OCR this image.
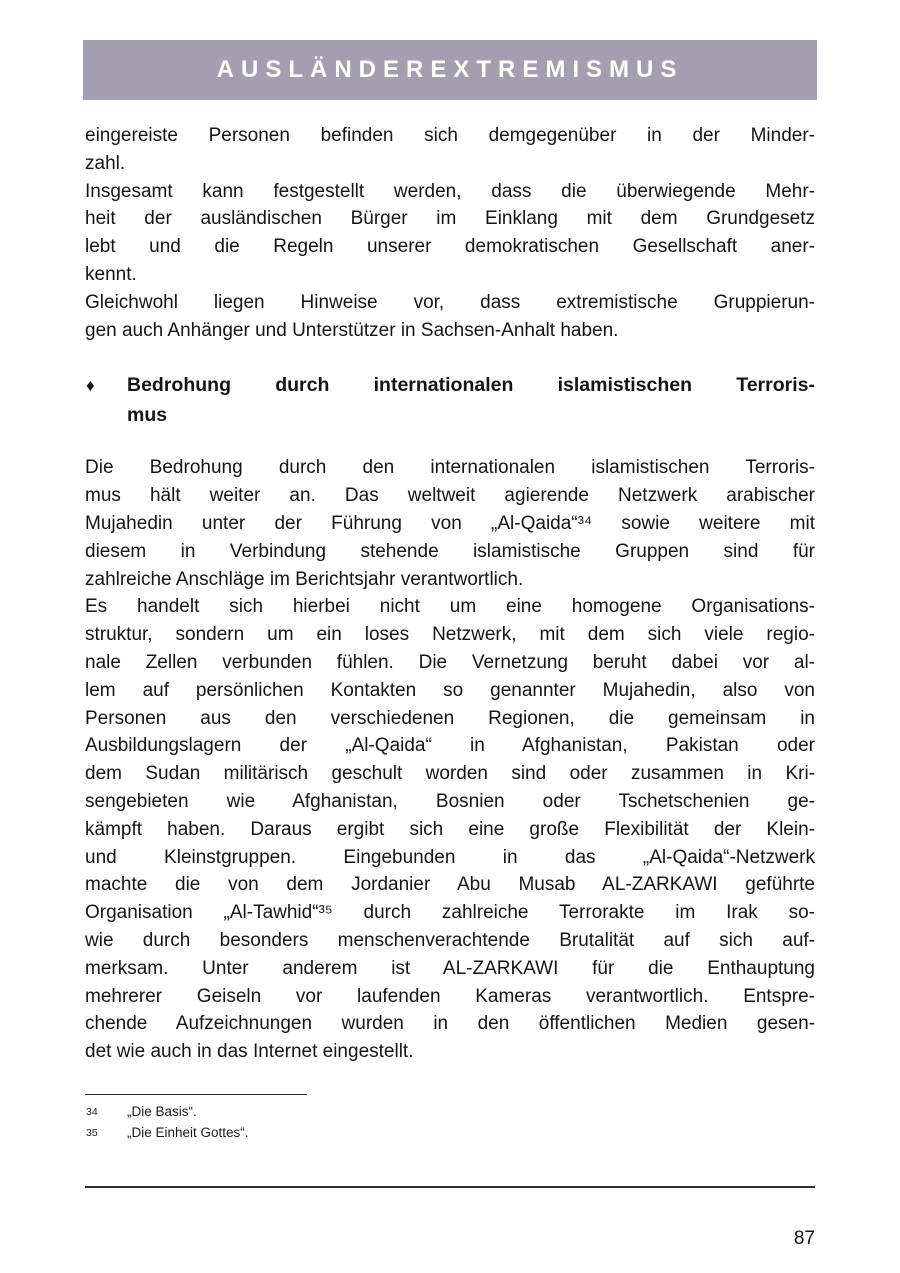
AUSLÄNDEREXTREMISMUS
eingereiste Personen befinden sich demgegenüber in der Minder-
zahl.
Insgesamt kann festgestellt werden, dass die überwiegende Mehr-
heit der ausländischen Bürger im Einklang mit dem Grundgesetz
lebt und die Regeln unserer demokratischen Gesellschaft aner-
kennt.
Gleichwohl liegen Hinweise vor, dass extremistische Gruppierun-
gen auch Anhänger und Unterstützer in Sachsen-Anhalt haben.
♦ Bedrohung durch internationalen islamistischen Terroris-
mus
Die Bedrohung durch den internationalen islamistischen Terroris-
mus hält weiter an. Das weltweit agierende Netzwerk arabischer
Mujahedin unter der Führung von „Al-Qaida“³⁴ sowie weitere mit
diesem in Verbindung stehende islamistische Gruppen sind für
zahlreiche Anschläge im Berichtsjahr verantwortlich.
Es handelt sich hierbei nicht um eine homogene Organisations-
struktur, sondern um ein loses Netzwerk, mit dem sich viele regio-
nale Zellen verbunden fühlen. Die Vernetzung beruht dabei vor al-
lem auf persönlichen Kontakten so genannter Mujahedin, also von
Personen aus den verschiedenen Regionen, die gemeinsam in
Ausbildungslagern der „Al-Qaida“ in Afghanistan, Pakistan oder
dem Sudan militärisch geschult worden sind oder zusammen in Kri-
sengebieten wie Afghanistan, Bosnien oder Tschetschenien ge-
kämpft haben. Daraus ergibt sich eine große Flexibilität der Klein-
und Kleinstgruppen. Eingebunden in das „Al-Qaida“-Netzwerk
machte die von dem Jordanier Abu Musab AL-ZARKAWI geführte
Organisation „Al-Tawhid“³⁵ durch zahlreiche Terrorakte im Irak so-
wie durch besonders menschenverachtende Brutalität auf sich auf-
merksam. Unter anderem ist AL-ZARKAWI für die Enthauptung
mehrerer Geiseln vor laufenden Kameras verantwortlich. Entspre-
chende Aufzeichnungen wurden in den öffentlichen Medien gesen-
det wie auch in das Internet eingestellt.
34 „Die Basis“.
35 „Die Einheit Gottes“.
87
